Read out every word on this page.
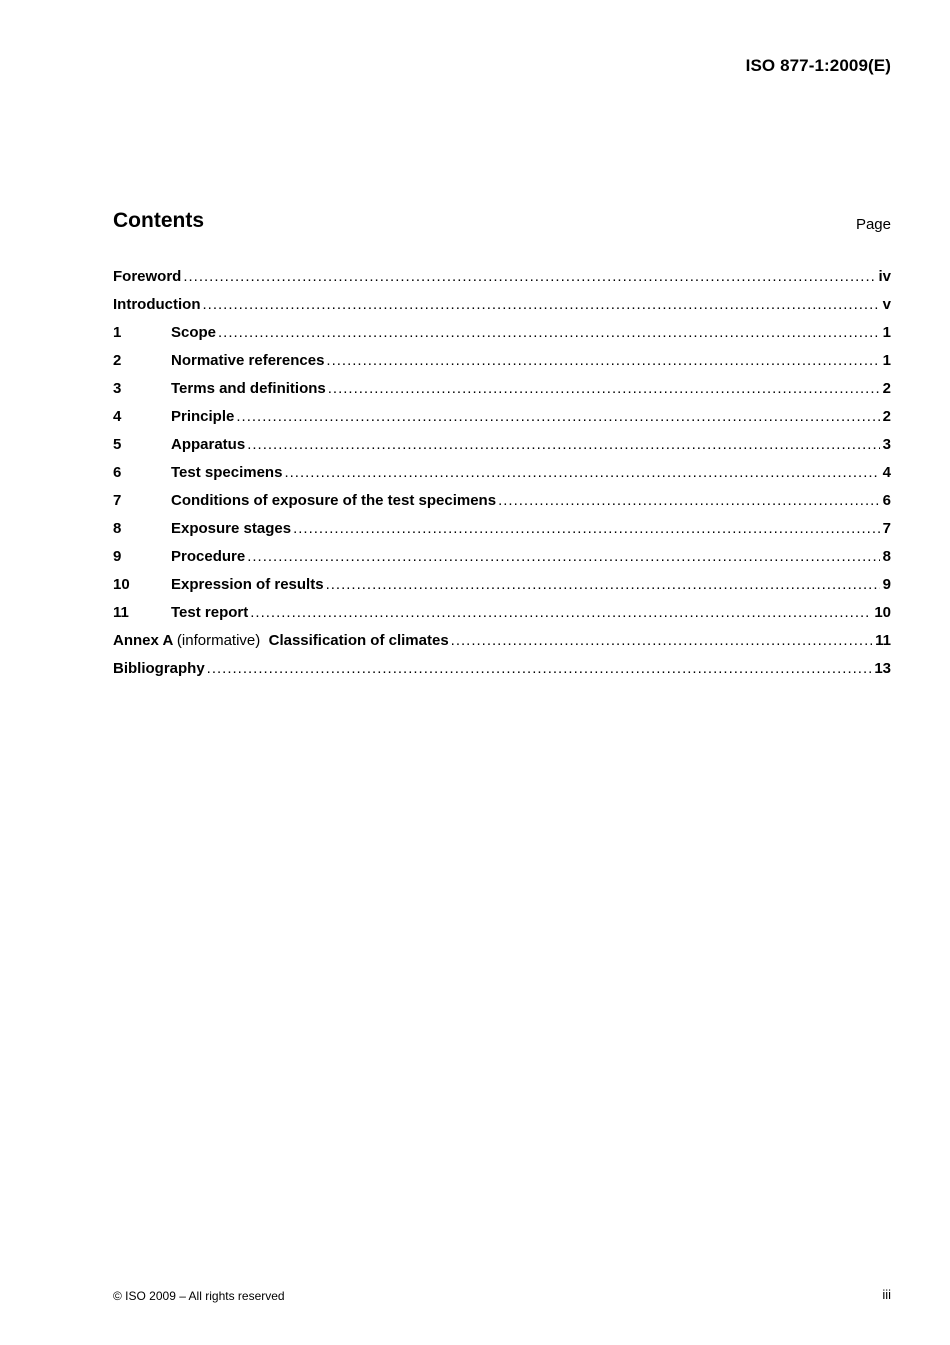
ISO 877-1:2009(E)
Contents	Page
Foreword .....	iv
Introduction .....	v
1	Scope .....	1
2	Normative references .....	1
3	Terms and definitions .....	2
4	Principle .....	2
5	Apparatus .....	3
6	Test specimens .....	4
7	Conditions of exposure of the test specimens .....	6
8	Exposure stages .....	7
9	Procedure .....	8
10	Expression of results .....	9
11	Test report .....	10
Annex A (informative) Classification of climates .....	11
Bibliography .....	13
© ISO 2009 – All rights reserved	iii
